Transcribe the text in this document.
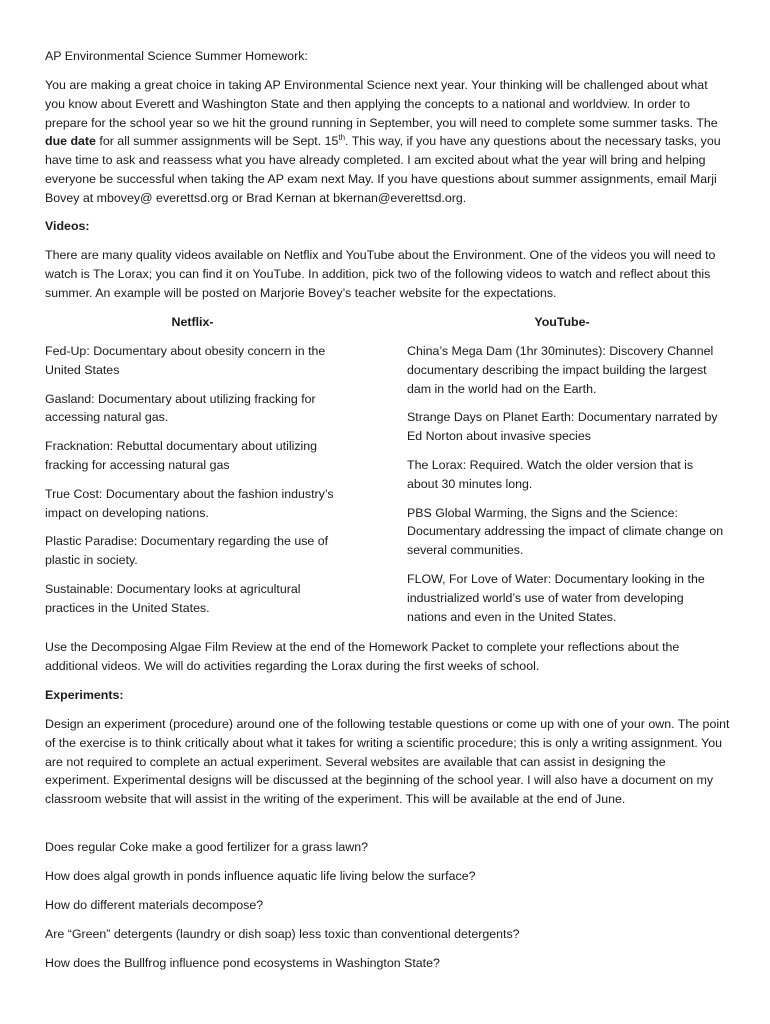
AP Environmental Science Summer Homework:

You are making a great choice in taking AP Environmental Science next year. Your thinking will be challenged about what you know about Everett and Washington State and then applying the concepts to a national and worldview. In order to prepare for the school year so we hit the ground running in September, you will need to complete some summer tasks. The due date for all summer assignments will be Sept. 15th. This way, if you have any questions about the necessary tasks, you have time to ask and reassess what you have already completed. I am excited about what the year will bring and helping everyone be successful when taking the AP exam next May. If you have questions about summer assignments, email Marji Bovey at mbovey@ everettsd.org or Brad Kernan at bkernan@everettsd.org.

Videos:

There are many quality videos available on Netflix and YouTube about the Environment. One of the videos you will need to watch is The Lorax; you can find it on YouTube. In addition, pick two of the following videos to watch and reflect about this summer. An example will be posted on Marjorie Bovey’s teacher website for the expectations.

Netflix-	YouTube-

Fed-Up: Documentary about obesity concern in the United States

Gasland: Documentary about utilizing fracking for accessing natural gas.

Fracknation: Rebuttal documentary about utilizing fracking for accessing natural gas

True Cost: Documentary about the fashion industry’s impact on developing nations.

Plastic Paradise: Documentary regarding the use of plastic in society.

Sustainable: Documentary looks at agricultural practices in the United States.

China’s Mega Dam (1hr 30minutes): Discovery Channel documentary describing the impact building the largest dam in the world had on the Earth.

Strange Days on Planet Earth: Documentary narrated by Ed Norton about invasive species

The Lorax: Required. Watch the older version that is about 30 minutes long.

PBS Global Warming, the Signs and the Science: Documentary addressing the impact of climate change on several communities.

FLOW, For Love of Water: Documentary looking in the industrialized world’s use of water from developing nations and even in the United States.

Use the Decomposing Algae Film Review at the end of the Homework Packet to complete your reflections about the additional videos. We will do activities regarding the Lorax during the first weeks of school.

Experiments:

Design an experiment (procedure) around one of the following testable questions or come up with one of your own. The point of the exercise is to think critically about what it takes for writing a scientific procedure; this is only a writing assignment. You are not required to complete an actual experiment. Several websites are available that can assist in designing the experiment. Experimental designs will be discussed at the beginning of the school year. I will also have a document on my classroom website that will assist in the writing of the experiment. This will be available at the end of June.

Does regular Coke make a good fertilizer for a grass lawn?

How does algal growth in ponds influence aquatic life living below the surface?

How do different materials decompose?

Are “Green” detergents (laundry or dish soap) less toxic than conventional detergents?

How does the Bullfrog influence pond ecosystems in Washington State?
